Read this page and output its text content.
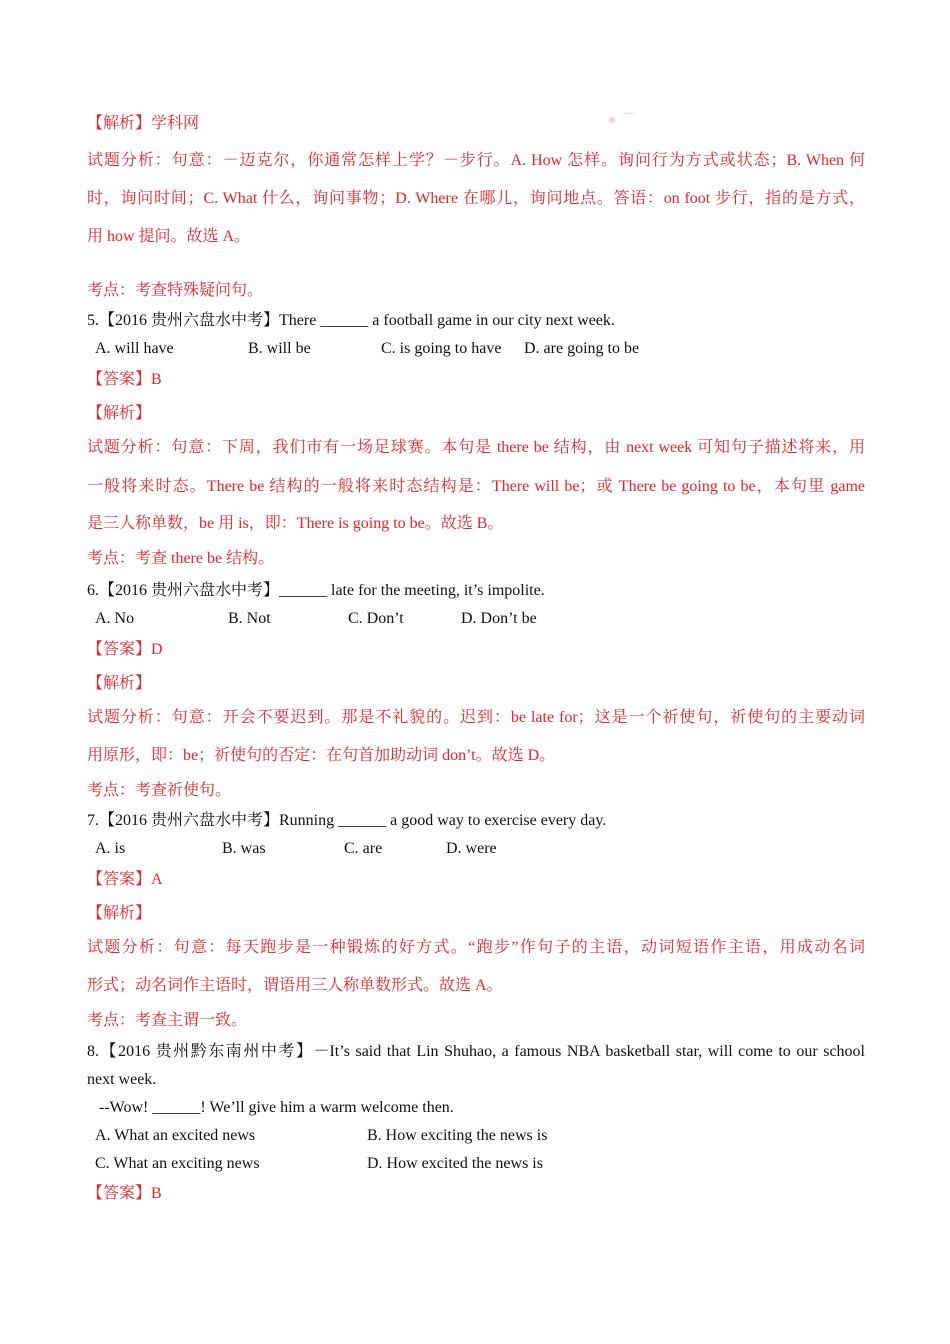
✶ ⌒
【解析】学科网
试题分析：句意：－迈克尔，你通常怎样上学？－步行。A. How 怎样。询问行为方式或状态；B. When 何
时，询问时间；C. What 什么，询问事物；D. Where 在哪儿，询问地点。答语：on foot 步行，指的是方式，
用 how 提问。故选 A。
考点：考查特殊疑问句。
5.【2016 贵州六盘水中考】There ______ a football game in our city next week.
A. will have	B. will be	C. is going to have D. are going to be
【答案】B
【解析】
试题分析：句意：下周，我们市有一场足球赛。本句是 there be 结构，由 next week 可知句子描述将来，用
一般将来时态。There be 结构的一般将来时态结构是：There will be；或 There be going to be，本句里 game
是三人称单数，be 用 is，即：There is going to be。故选 B。
考点：考查 there be 结构。
6.【2016 贵州六盘水中考】______ late for the meeting, it’s impolite.
A. No	B. Not	C. Don’t	D. Don’t be
【答案】D
【解析】
试题分析：句意：开会不要迟到。那是不礼貌的。迟到：be late for；这是一个祈使句，祈使句的主要动词
用原形，即：be；祈使句的否定：在句首加助动词 don’t。故选 D。
考点：考查祈使句。
7.【2016 贵州六盘水中考】Running ______ a good way to exercise every day.
A. is	B. was	C. are	D. were
【答案】A
【解析】
试题分析：句意：每天跑步是一种锻炼的好方式。“跑步”作句子的主语，动词短语作主语，用成动名词
形式；动名词作主语时，谓语用三人称单数形式。故选 A。
考点：考查主谓一致。
8.【2016 贵州黔东南州中考】－It’s said that Lin Shuhao, a famous NBA basketball star, will come to our school
next week.
--Wow! ______! We’ll give him a warm welcome then.
A. What an excited news	B. How exciting the news is
C. What an exciting news	D. How excited the news is
【答案】B
